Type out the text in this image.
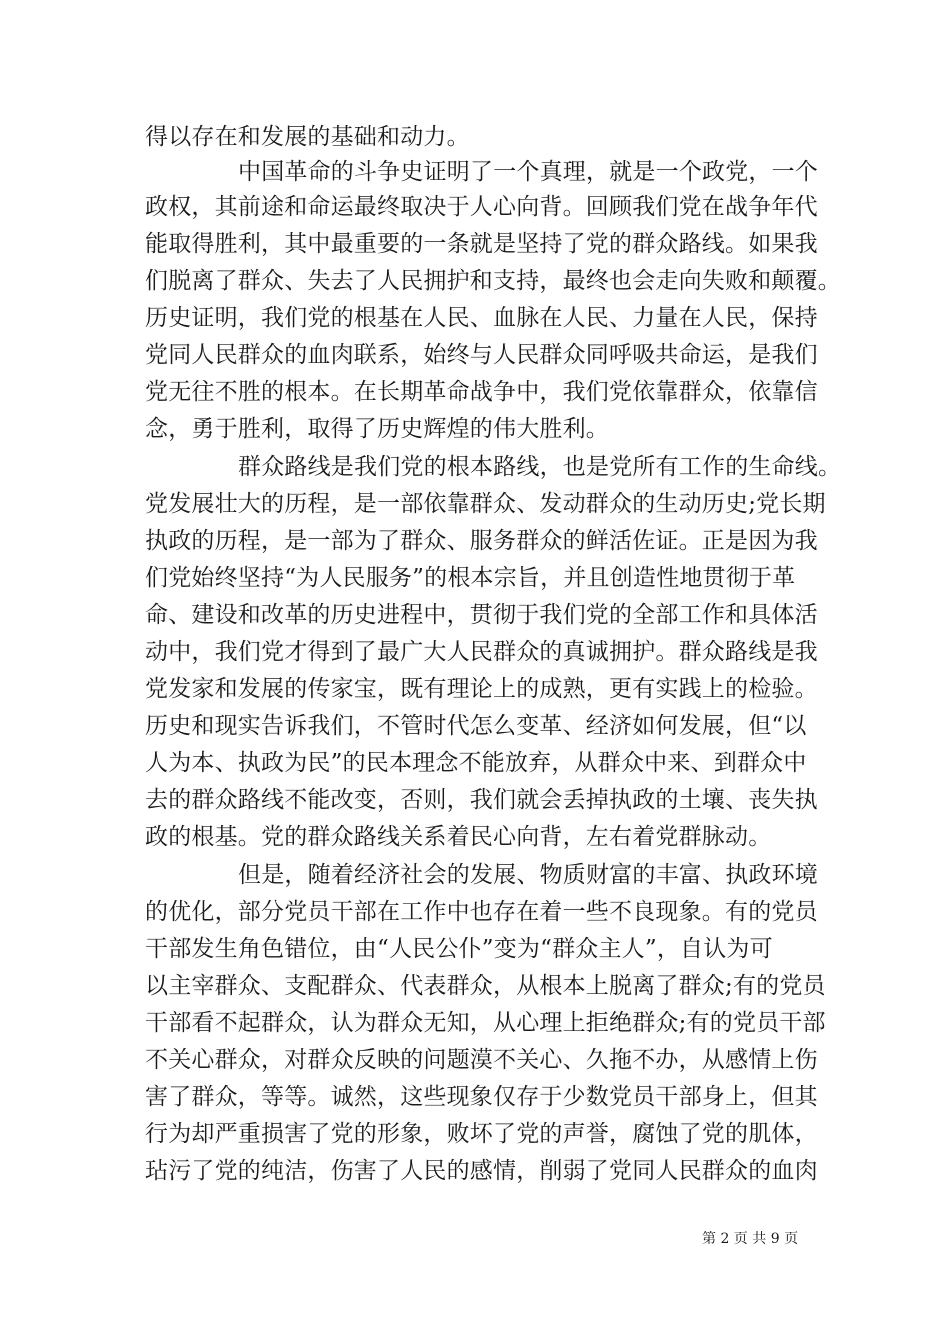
得以存在和发展的基础和动力。
中国革命的斗争史证明了一个真理，就是一个政党，一个
政权，其前途和命运最终取决于人心向背。回顾我们党在战争年代
能取得胜利，其中最重要的一条就是坚持了党的群众路线。如果我
们脱离了群众、失去了人民拥护和支持，最终也会走向失败和颠覆。
历史证明，我们党的根基在人民、血脉在人民、力量在人民，保持
党同人民群众的血肉联系，始终与人民群众同呼吸共命运，是我们
党无往不胜的根本。在长期革命战争中，我们党依靠群众，依靠信
念，勇于胜利，取得了历史辉煌的伟大胜利。
群众路线是我们党的根本路线，也是党所有工作的生命线。
党发展壮大的历程，是一部依靠群众、发动群众的生动历史;党长期
执政的历程，是一部为了群众、服务群众的鲜活佐证。正是因为我
们党始终坚持“为人民服务”的根本宗旨，并且创造性地贯彻于革
命、建设和改革的历史进程中，贯彻于我们党的全部工作和具体活
动中，我们党才得到了最广大人民群众的真诚拥护。群众路线是我
党发家和发展的传家宝，既有理论上的成熟，更有实践上的检验。
历史和现实告诉我们，不管时代怎么变革、经济如何发展，但“以
人为本、执政为民”的民本理念不能放弃，从群众中来、到群众中
去的群众路线不能改变，否则，我们就会丢掉执政的土壤、丧失执
政的根基。党的群众路线关系着民心向背，左右着党群脉动。
但是，随着经济社会的发展、物质财富的丰富、执政环境
的优化，部分党员干部在工作中也存在着一些不良现象。有的党员
干部发生角色错位，由“人民公仆”变为“群众主人”，自认为可
以主宰群众、支配群众、代表群众，从根本上脱离了群众;有的党员
干部看不起群众，认为群众无知，从心理上拒绝群众;有的党员干部
不关心群众，对群众反映的问题漠不关心、久拖不办，从感情上伤
害了群众，等等。诚然，这些现象仅存于少数党员干部身上，但其
行为却严重损害了党的形象，败坏了党的声誉，腐蚀了党的肌体，
玷污了党的纯洁，伤害了人民的感情，削弱了党同人民群众的血肉
第 2 页 共 9 页
